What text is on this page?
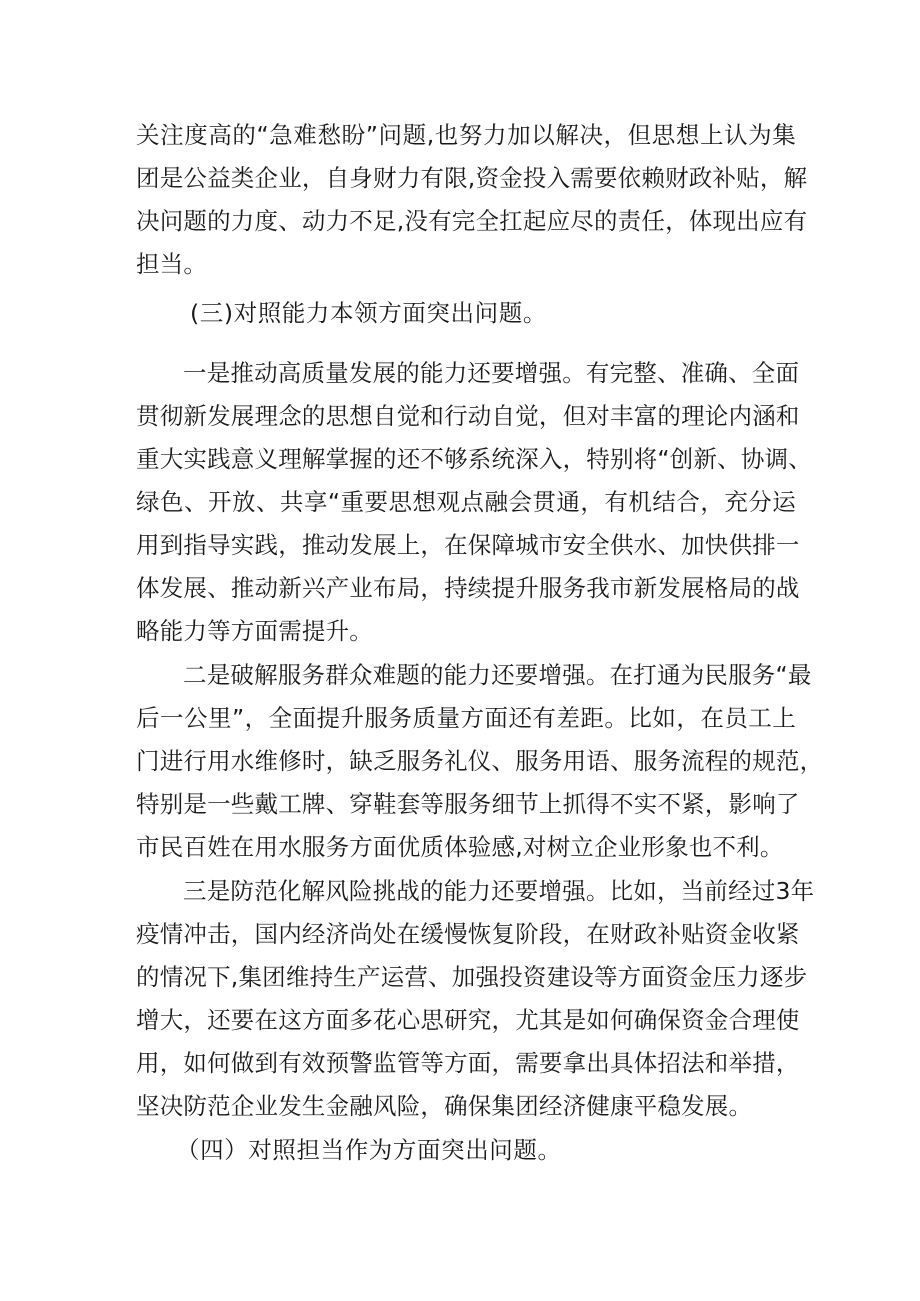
关注度高的“急难愁盼”问题,也努力加以解决，但思想上认为集
团是公益类企业，自身财力有限,资金投入需要依赖财政补贴，解
决问题的力度、动力不足,没有完全扛起应尽的责任，体现出应有
担当。
(三)对照能力本领方面突出问题。
一是推动高质量发展的能力还要增强。有完整、准确、全面
贯彻新发展理念的思想自觉和行动自觉，但对丰富的理论内涵和
重大实践意义理解掌握的还不够系统深入，特别将“创新、协调、
绿色、开放、共享“重要思想观点融会贯通，有机结合，充分运
用到指导实践，推动发展上，在保障城市安全供水、加快供排一
体发展、推动新兴产业布局，持续提升服务我市新发展格局的战
略能力等方面需提升。
二是破解服务群众难题的能力还要增强。在打通为民服务“最
后一公里”，全面提升服务质量方面还有差距。比如，在员工上
门进行用水维修时，缺乏服务礼仪、服务用语、服务流程的规范，
特别是一些戴工牌、穿鞋套等服务细节上抓得不实不紧，影响了
市民百姓在用水服务方面优质体验感,对树立企业形象也不利。
三是防范化解风险挑战的能力还要增强。比如，当前经过3年
疫情冲击，国内经济尚处在缓慢恢复阶段，在财政补贴资金收紧
的情况下,集团维持生产运营、加强投资建设等方面资金压力逐步
增大，还要在这方面多花心思研究，尤其是如何确保资金合理使
用，如何做到有效预警监管等方面，需要拿出具体招法和举措，
坚决防范企业发生金融风险，确保集团经济健康平稳发展。
（四）对照担当作为方面突出问题。
